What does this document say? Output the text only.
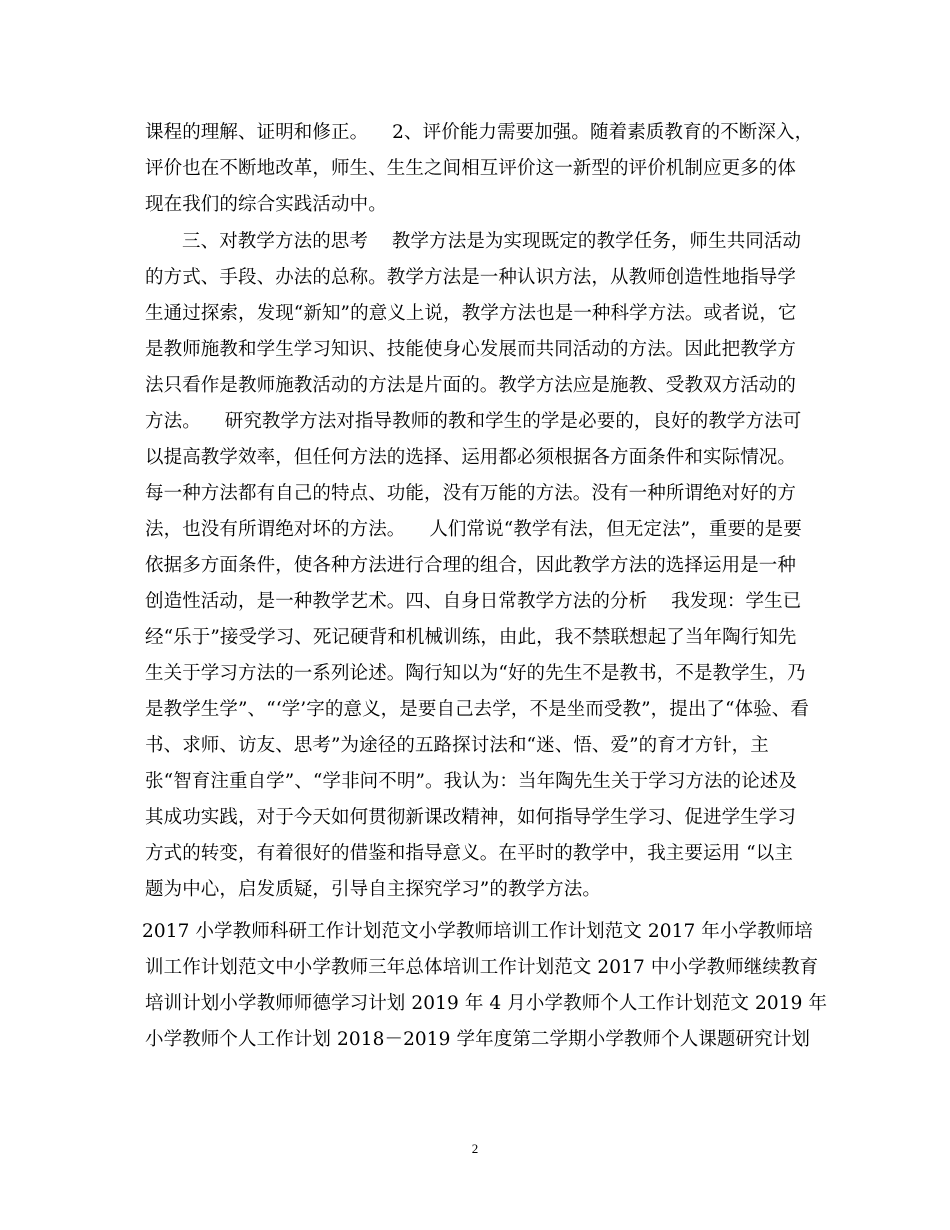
课程的理解、证明和修正。    2、评价能力需要加强。随着素质教育的不断深入，
评价也在不断地改革，师生、生生之间相互评价这一新型的评价机制应更多的体
现在我们的综合实践活动中。
三、对教学方法的思考    教学方法是为实现既定的教学任务，师生共同活动
的方式、手段、办法的总称。教学方法是一种认识方法，从教师创造性地指导学
生通过探索，发现“新知”的意义上说，教学方法也是一种科学方法。或者说，它
是教师施教和学生学习知识、技能使身心发展而共同活动的方法。因此把教学方
法只看作是教师施教活动的方法是片面的。教学方法应是施教、受教双方活动的
方法。    研究教学方法对指导教师的教和学生的学是必要的，良好的教学方法可
以提高教学效率，但任何方法的选择、运用都必须根据各方面条件和实际情况。
每一种方法都有自己的特点、功能，没有万能的方法。没有一种所谓绝对好的方
法，也没有所谓绝对坏的方法。    人们常说“教学有法，但无定法”，重要的是要
依据多方面条件，使各种方法进行合理的组合，因此教学方法的选择运用是一种
创造性活动，是一种教学艺术。四、自身日常教学方法的分析    我发现：学生已
经“乐于”接受学习、死记硬背和机械训练，由此，我不禁联想起了当年陶行知先
生关于学习方法的一系列论述。陶行知以为“好的先生不是教书，不是教学生，乃
是教学生学”、“‘学’字的意义，是要自己去学，不是坐而受教”，提出了“体验、看
书、求师、访友、思考”为途径的五路探讨法和“迷、悟、爱”的育才方针，主
张“智育注重自学”、“学非问不明”。我认为：当年陶先生关于学习方法的论述及
其成功实践，对于今天如何贯彻新课改精神，如何指导学生学习、促进学生学习
方式的转变，有着很好的借鉴和指导意义。在平时的教学中，我主要运用 “以主
题为中心，启发质疑，引导自主探究学习”的教学方法。
2017 小学教师科研工作计划范文小学教师培训工作计划范文 2017 年小学教师培
训工作计划范文中小学教师三年总体培训工作计划范文 2017 中小学教师继续教育
培训计划小学教师师德学习计划 2019 年 4 月小学教师个人工作计划范文 2019 年
小学教师个人工作计划 2018－2019 学年度第二学期小学教师个人课题研究计划
2
